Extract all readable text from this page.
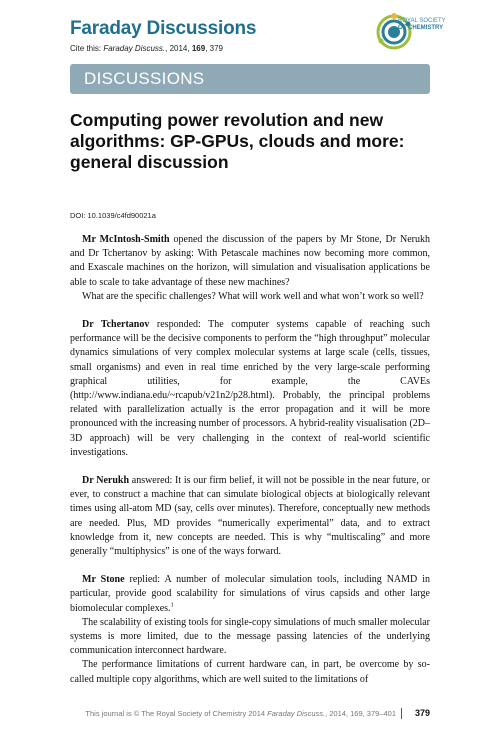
Faraday Discussions
Cite this: Faraday Discuss., 2014, 169, 379
ROYAL SOCIETY
OF CHEMISTRY
DISCUSSIONS
Computing power revolution and new algorithms: GP-GPUs, clouds and more: general discussion
DOI: 10.1039/c4fd90021a

Mr McIntosh-Smith opened the discussion of the papers by Mr Stone, Dr Nerukh and Dr Tchertanov by asking: With Petascale machines now becoming more common, and Exascale machines on the horizon, will simulation and visualisation applications be able to scale to take advantage of these new machines?

What are the specific challenges? What will work well and what won’t work so well?

Dr Tchertanov responded: The computer systems capable of reaching such performance will be the decisive components to perform the “high throughput” molecular dynamics simulations of very complex molecular systems at large scale (cells, tissues, small organisms) and even in real time enriched by the very large-scale performing graphical utilities, for example, the CAVEs (http://www.indiana.edu/~rcapub/v21n2/p28.html). Probably, the principal problems related with parallelization actually is the error propagation and it will be more pronounced with the increasing number of processors. A hybrid-reality visualisation (2D–3D approach) will be very challenging in the context of real-world scientific investigations.

Dr Nerukh answered: It is our firm belief, it will not be possible in the near future, or ever, to construct a machine that can simulate biological objects at biologically relevant times using all-atom MD (say, cells over minutes). Therefore, conceptually new methods are needed. Plus, MD provides “numerically experimental” data, and to extract knowledge from it, new concepts are needed. This is why “multiscaling” and more generally “multiphysics” is one of the ways forward.

Mr Stone replied: A number of molecular simulation tools, including NAMD in particular, provide good scalability for simulations of virus capsids and other large biomolecular complexes.$^1$

The scalability of existing tools for single-copy simulations of much smaller molecular systems is more limited, due to the message passing latencies of the underlying communication interconnect hardware.

The performance limitations of current hardware can, in part, be overcome by so-called multiple copy algorithms, which are well suited to the limitations of

This journal is © The Royal Society of Chemistry 2014 Faraday Discuss., 2014, 169, 379–401 379
